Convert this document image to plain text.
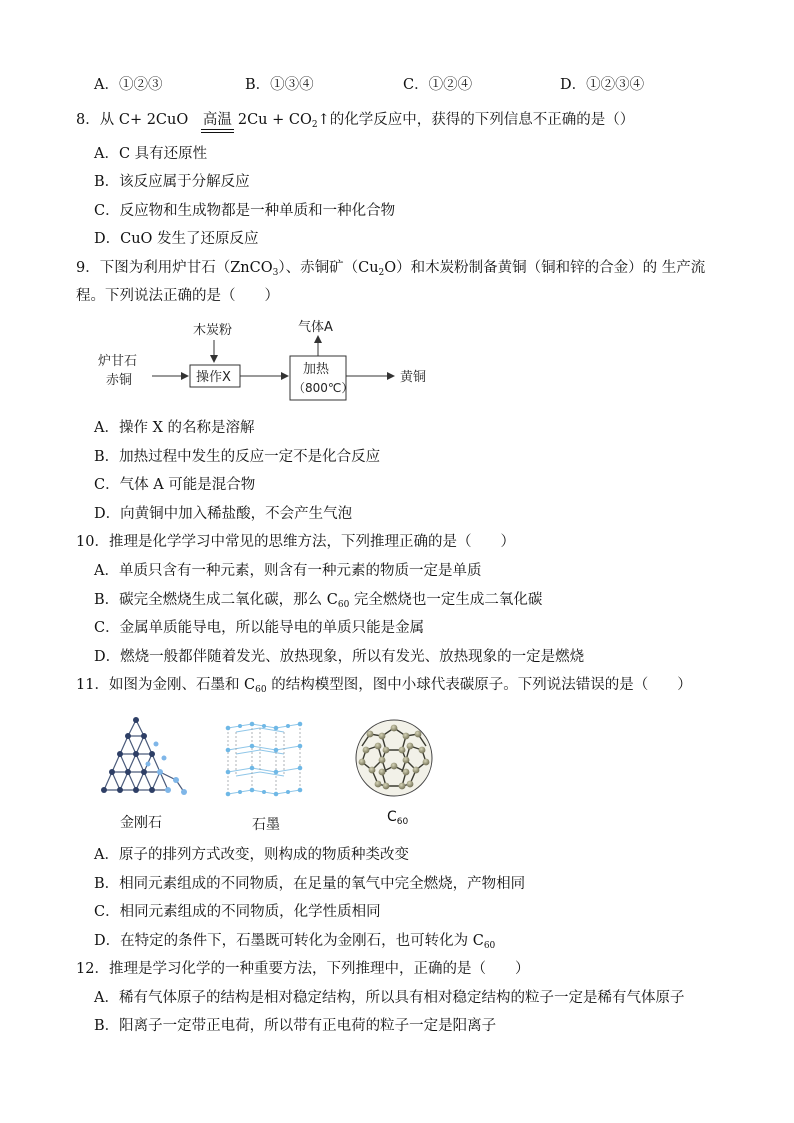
A．①②③	B．①③④	C．①②④	D．①②③④
8．从 C+ 2CuO 高温 $2Cu + CO_2↑$的化学反应中，获得的下列信息不正确的是（）
A．C 具有还原性
B．该反应属于分解反应
C．反应物和生成物都是一种单质和一种化合物
D．CuO 发生了还原反应
9．下图为利用炉甘石（ZnCO$_3$）、赤铜矿$(Cu_2O)$和木炭粉制备黄铜（铜和锌的合金）的 生产流
程。下列说法正确的是（　　）
炉甘石
赤铜
木炭粉
操作X
加热
（800℃）
气体A
黄铜
A．操作 X 的名称是溶解
B．加热过程中发生的反应一定不是化合反应
C．气体 A 可能是混合物
D．向黄铜中加入稀盐酸，不会产生气泡
10．推理是化学学习中常见的思维方法，下列推理正确的是（　　）
A．单质只含有一种元素，则含有一种元素的物质一定是单质
B．碳完全燃烧生成二氧化碳，那么 $C_{60}$ 完全燃烧也一定生成二氧化碳
C．金属单质能导电，所以能导电的单质只能是金属
D．燃烧一般都伴随着发光、放热现象，所以有发光、放热现象的一定是燃烧
11．如图为金刚、石墨和 $C_{60}$ 的结构模型图，图中小球代表碳原子。下列说法错误的是（　　）
金刚石	石墨	$C_{60}$
A．原子的排列方式改变，则构成的物质种类改变
B．相同元素组成的不同物质，在足量的氧气中完全燃烧，产物相同
C．相同元素组成的不同物质，化学性质相同
D．在特定的条件下，石墨既可转化为金刚石，也可转化为 $C_{60}$
12．推理是学习化学的一种重要方法，下列推理中，正确的是（　　）
A．稀有气体原子的结构是相对稳定结构，所以具有相对稳定结构的粒子一定是稀有气体原子
B．阳离子一定带正电荷，所以带有正电荷的粒子一定是阳离子
